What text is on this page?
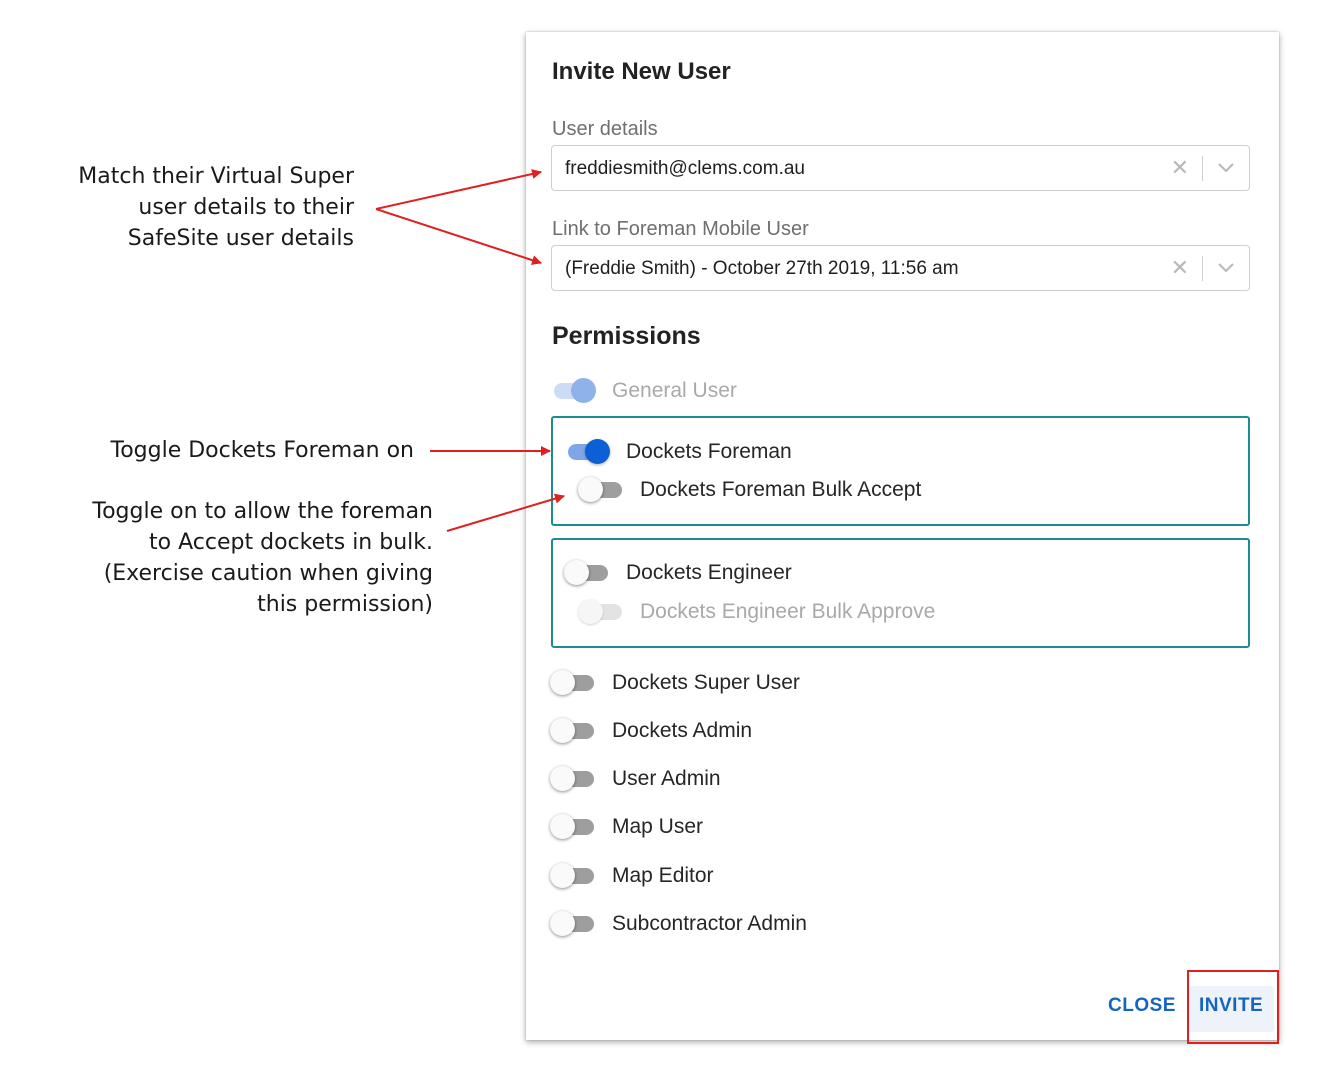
Match their Virtual Super
user details to their
SafeSite user details
Toggle Dockets Foreman on
Toggle on to allow the foreman
to Accept dockets in bulk.
(Exercise caution when giving
this permission)
Invite New User
User details
freddiesmith@clems.com.au	✕
Link to Foreman Mobile User
(Freddie Smith) - October 27th 2019, 11:56 am	✕
Permissions
General User
Dockets Foreman
Dockets Foreman Bulk Accept
Dockets Engineer
Dockets Engineer Bulk Approve
Dockets Super User
Dockets Admin
User Admin
Map User
Map Editor
Subcontractor Admin
CLOSE	INVITE
